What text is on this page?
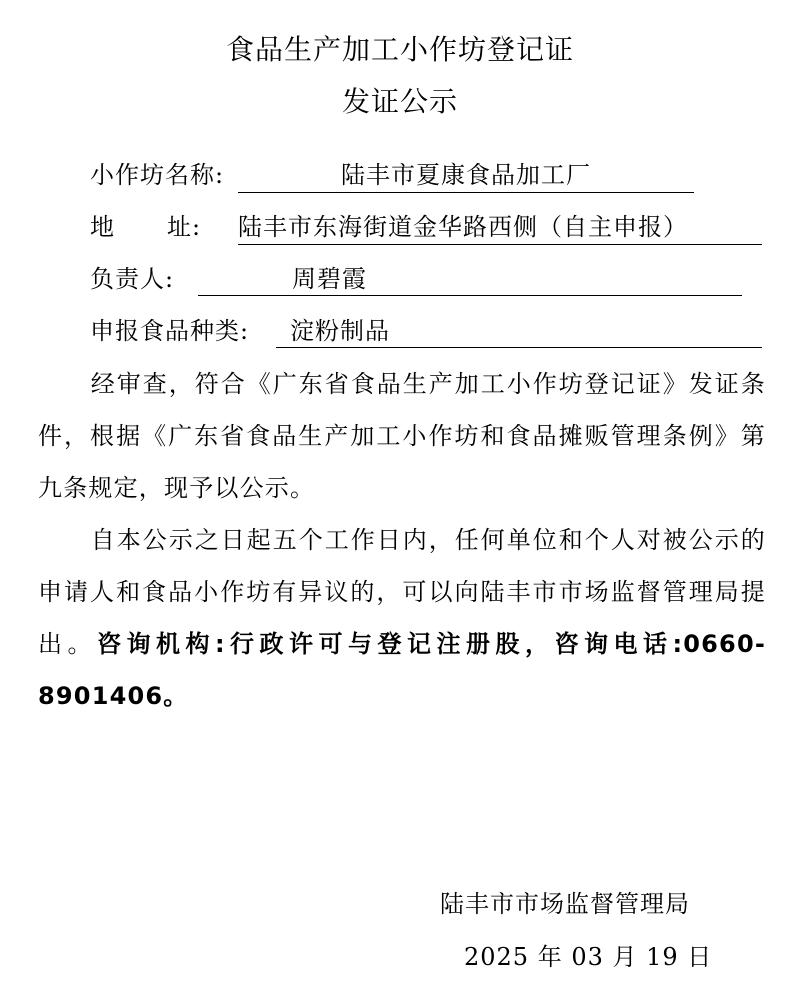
食品生产加工小作坊登记证
发证公示
小作坊名称:	陆丰市夏康食品加工厂
地 址: 陆丰市东海街道金华路西侧（自主申报）
负责人:	周碧霞
申报食品种类:	淀粉制品
经审查，符合《广东省食品生产加工小作坊登记证》发证条件，根据《广东省食品生产加工小作坊和食品摊贩管理条例》第九条规定，现予以公示。
自本公示之日起五个工作日内，任何单位和个人对被公示的申请人和食品小作坊有异议的，可以向陆丰市市场监督管理局提出。咨询机构:行政许可与登记注册股，咨询电话:0660-8901406。
陆丰市市场监督管理局
2025 年 03 月 19 日
